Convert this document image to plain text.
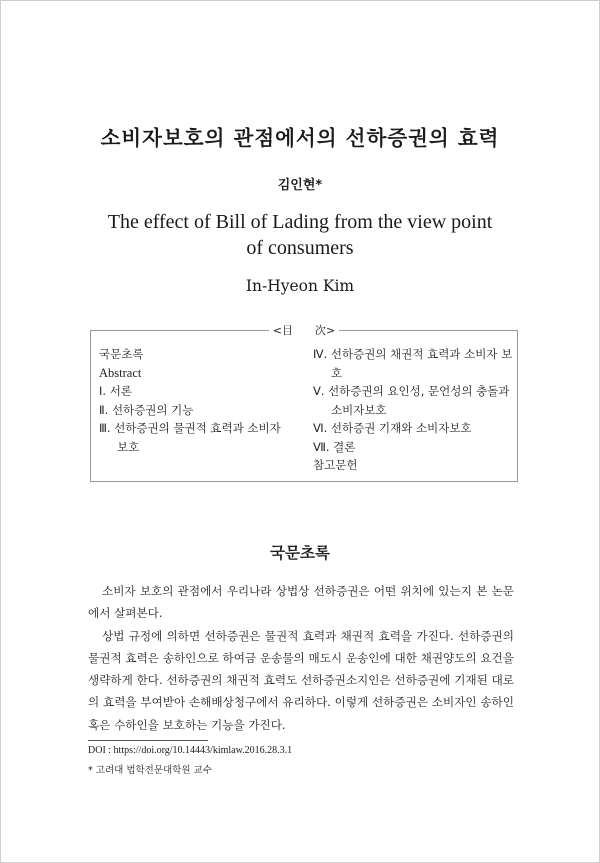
소비자보호의 관점에서의 선하증권의 효력
김인현*
The effect of Bill of Lading from the view point of consumers
In-Hyeon Kim
<目　　次>
국문초록
Abstract
Ⅰ. 서론
Ⅱ. 선하증권의 기능
Ⅲ. 선하증권의 물권적 효력과 소비자 보호
Ⅳ. 선하증권의 채권적 효력과 소비자 보호
Ⅴ. 선하증권의 요인성, 문언성의 충돌과 소비자보호
Ⅵ. 선하증권 기재와 소비자보호
Ⅶ. 결론
참고문헌
국문초록

소비자 보호의 관점에서 우리나라 상법상 선하증권은 어떤 위치에 있는지 본 논문에서 살펴본다.

상법 규정에 의하면 선하증권은 물권적 효력과 채권적 효력을 가진다. 선하증권의 물권적 효력은 송하인으로 하여금 운송물의 매도시 운송인에 대한 채권양도의 요건을 생략하게 한다. 선하증권의 채권적 효력도 선하증권소지인은 선하증권에 기재된 대로의 효력을 부여받아 손해배상청구에서 유리하다. 이렇게 선하증권은 소비자인 송하인 혹은 수하인을 보호하는 기능을 가진다.

DOI : https://doi.org/10.14443/kimlaw.2016.28.3.1
* 고려대 법학전문대학원 교수
